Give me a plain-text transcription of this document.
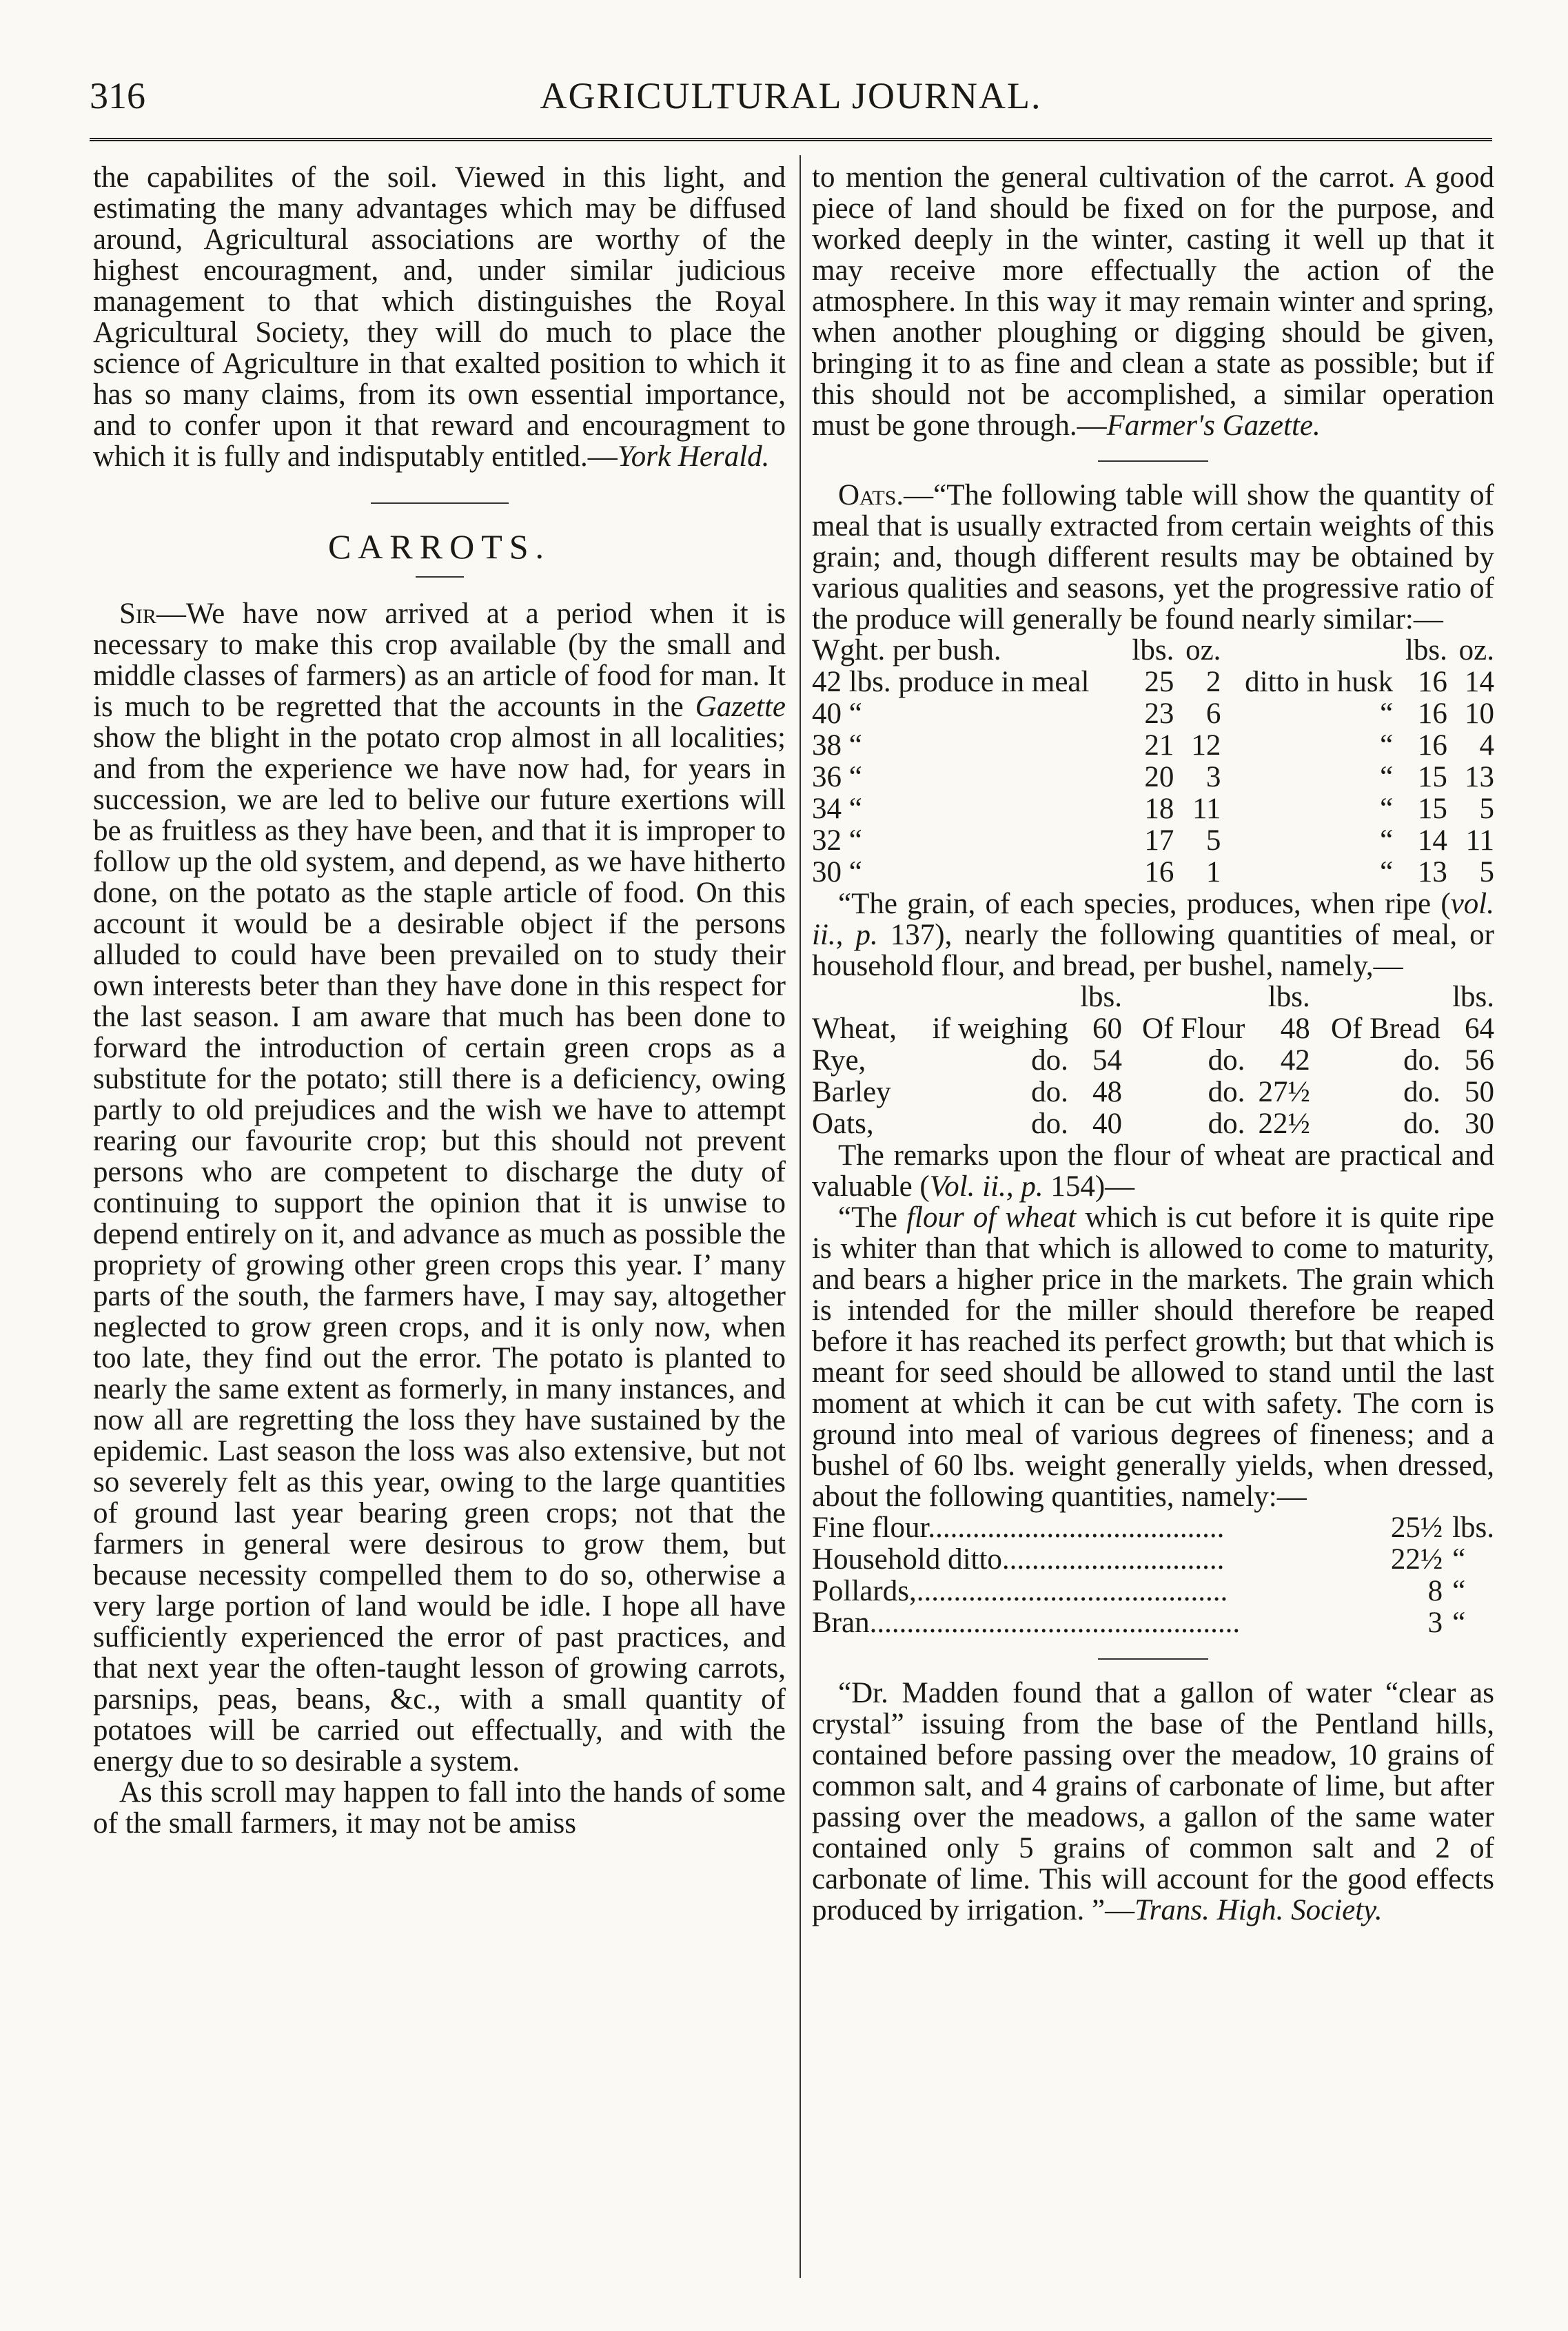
316	AGRICULTURAL JOURNAL.

the capabilites of the soil. Viewed in this light, and estimating the many advantages which may be diffused around, Agricultural associations are worthy of the highest encouragment, and, under similar judicious management to that which distinguishes the Royal Agricultural Society, they will do much to place the science of Agriculture in that exalted position to which it has so many claims, from its own essential importance, and to confer upon it that reward and encouragment to which it is fully and indisputably entitled.—York Herald.

CARROTS.

Sir—We have now arrived at a period when it is necessary to make this crop available (by the small and middle classes of farmers) as an article of food for man. It is much to be regretted that the accounts in the Gazette show the blight in the potato crop almost in all localities; and from the experience we have now had, for years in succession, we are led to belive our future exertions will be as fruitless as they have been, and that it is improper to follow up the old system, and depend, as we have hitherto done, on the potato as the staple article of food. On this account it would be a desirable object if the persons alluded to could have been prevailed on to study their own interests beter than they have done in this respect for the last season. I am aware that much has been done to forward the introduction of certain green crops as a substitute for the potato; still there is a deficiency, owing partly to old prejudices and the wish we have to attempt rearing our favourite crop; but this should not prevent persons who are competent to discharge the duty of continuing to support the opinion that it is unwise to depend entirely on it, and advance as much as possible the propriety of growing other green crops this year. I’ many parts of the south, the farmers have, I may say, altogether neglected to grow green crops, and it is only now, when too late, they find out the error. The potato is planted to nearly the same extent as formerly, in many instances, and now all are regretting the loss they have sustained by the epidemic. Last season the loss was also extensive, but not so severely felt as this year, owing to the large quantities of ground last year bearing green crops; not that the farmers in general were desirous to grow them, but because necessity compelled them to do so, otherwise a very large portion of land would be idle. I hope all have sufficiently experienced the error of past practices, and that next year the often-taught lesson of growing carrots, parsnips, peas, beans, &c., with a small quantity of potatoes will be carried out effectually, and with the energy due to so desirable a system.

As this scroll may happen to fall into the hands of some of the small farmers, it may not be amiss

to mention the general cultivation of the carrot. A good piece of land should be fixed on for the purpose, and worked deeply in the winter, casting it well up that it may receive more effectually the action of the atmosphere. In this way it may remain winter and spring, when another ploughing or digging should be given, bringing it to as fine and clean a state as possible; but if this should not be accomplished, a similar operation must be gone through.—Farmer's Gazette.

Oats.—“The following table will show the quantity of meal that is usually extracted from certain weights of this grain; and, though different results may be obtained by various qualities and seasons, yet the progressive ratio of the produce will generally be found nearly similar:—

Wght. per bush.	lbs.	oz.		lbs.	oz.
42 lbs. produce in meal	25	2	ditto in husk	16	14
40 “	23	6	“	16	10
38 “	21	12	“	16	4
36 “	20	3	“	15	13
34 “	18	11	“	15	5
32 “	17	5	“	14	11
30 “	16	1	“	13	5

“The grain, of each species, produces, when ripe (vol. ii., p. 137), nearly the following quantities of meal, or household flour, and bread, per bushel, namely,—

		lbs.		lbs.		lbs.
Wheat,	if weighing	60	Of Flour	48	Of Bread	64
Rye,	do.	54	do.	42	do.	56
Barley	do.	48	do.	27½	do.	50
Oats,	do.	40	do.	22½	do.	30

The remarks upon the flour of wheat are practical and valuable (Vol. ii., p. 154)—

“The flour of wheat which is cut before it is quite ripe is whiter than that which is allowed to come to maturity, and bears a higher price in the markets. The grain which is intended for the miller should therefore be reaped before it has reached its perfect growth; but that which is meant for seed should be allowed to stand until the last moment at which it can be cut with safety. The corn is ground into meal of various degrees of fineness; and a bushel of 60 lbs. weight generally yields, when dressed, about the following quantities, namely:—

Fine flour........................................	25½	lbs.
Household ditto..............................	22½	“
Pollards,..........................................	8	“
Bran..................................................	3	“

“Dr. Madden found that a gallon of water “clear as crystal” issuing from the base of the Pentland hills, contained before passing over the meadow, 10 grains of common salt, and 4 grains of carbonate of lime, but after passing over the meadows, a gallon of the same water contained only 5 grains of common salt and 2 of carbonate of lime. This will account for the good effects produced by irrigation. ”—Trans. High. Society.
